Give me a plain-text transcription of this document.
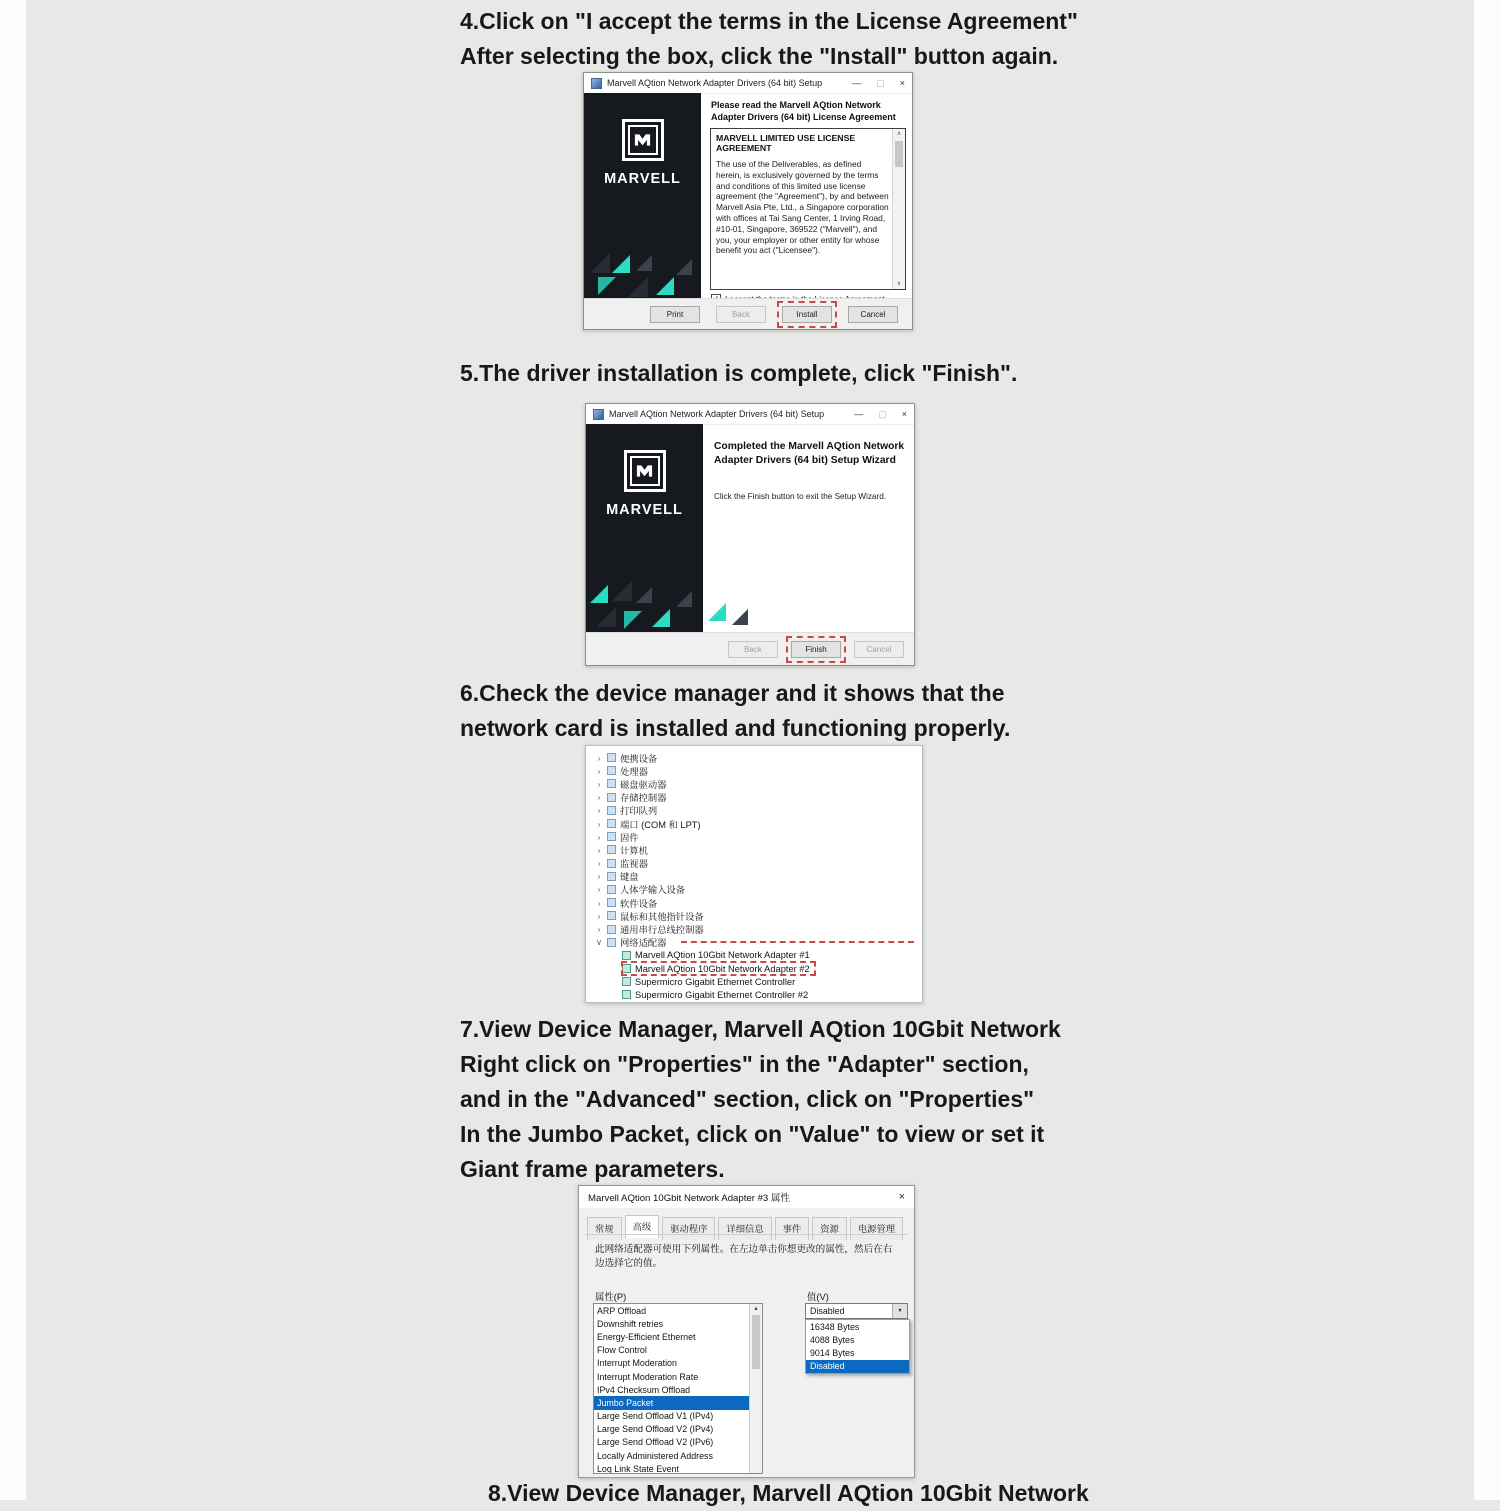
4.Click on "I accept the terms in the License Agreement"
After selecting the box, click the "Install" button again.
Marvell AQtion Network Adapter Drivers (64 bit) Setup	— ▢ ×
MARVELL
Please read the Marvell AQtion Network Adapter Drivers (64 bit) License Agreement
MARVELL LIMITED USE LICENSE AGREEMENT
The use of the Deliverables, as defined herein, is exclusively governed by the terms and conditions of this limited use license agreement (the "Agreement"), by and between Marvell Asia Pte, Ltd., a Singapore corporation with offices at Tai Sang Center, 1 Irving Road, #10-01, Singapore, 369522 ("Marvell"), and you, your employer or other entity for whose benefit you act ("Licensee").
∧
∨
Print	Back	Install	Cancel
5.The driver installation is complete, click "Finish".
Marvell AQtion Network Adapter Drivers (64 bit) Setup	— ▢ ×
MARVELL
Completed the Marvell AQtion Network Adapter Drivers (64 bit) Setup Wizard
Click the Finish button to exit the Setup Wizard.
Back	Finish	Cancel
6.Check the device manager and it shows that the
network card is installed and functioning properly.
› 便携设备
› 处理器
› 磁盘驱动器
› 存储控制器
› 打印队列
› 端口 (COM 和 LPT)
› 固件
› 计算机
› 监视器
› 键盘
› 人体学输入设备
› 软件设备
› 鼠标和其他指针设备
› 通用串行总线控制器
∨ 网络适配器
Marvell AQtion 10Gbit Network Adapter #1
Marvell AQtion 10Gbit Network Adapter #2
Supermicro Gigabit Ethernet Controller
Supermicro Gigabit Ethernet Controller #2
7.View Device Manager, Marvell AQtion 10Gbit Network
Right click on "Properties" in the "Adapter" section,
and in the "Advanced" section, click on "Properties"
In the Jumbo Packet, click on "Value" to view or set it
Giant frame parameters.
Marvell AQtion 10Gbit Network Adapter #3 属性	×
常规	高级	驱动程序	详细信息	事件	资源	电源管理
此网络适配器可使用下列属性。在左边单击你想更改的属性，然后在右边选择它的值。
属性(P)	值(V)
ARP Offload
Downshift retries
Energy-Efficient Ethernet
Flow Control
Interrupt Moderation
Interrupt Moderation Rate
IPv4 Checksum Offload
Jumbo Packet
Large Send Offload V1 (IPv4)
Large Send Offload V2 (IPv4)
Large Send Offload V2 (IPv6)
Locally Administered Address
Log Link State Event
▲	Disabled	▼
16348 Bytes
4088 Bytes
9014 Bytes
Disabled
8.View Device Manager, Marvell AQtion 10Gbit Network
